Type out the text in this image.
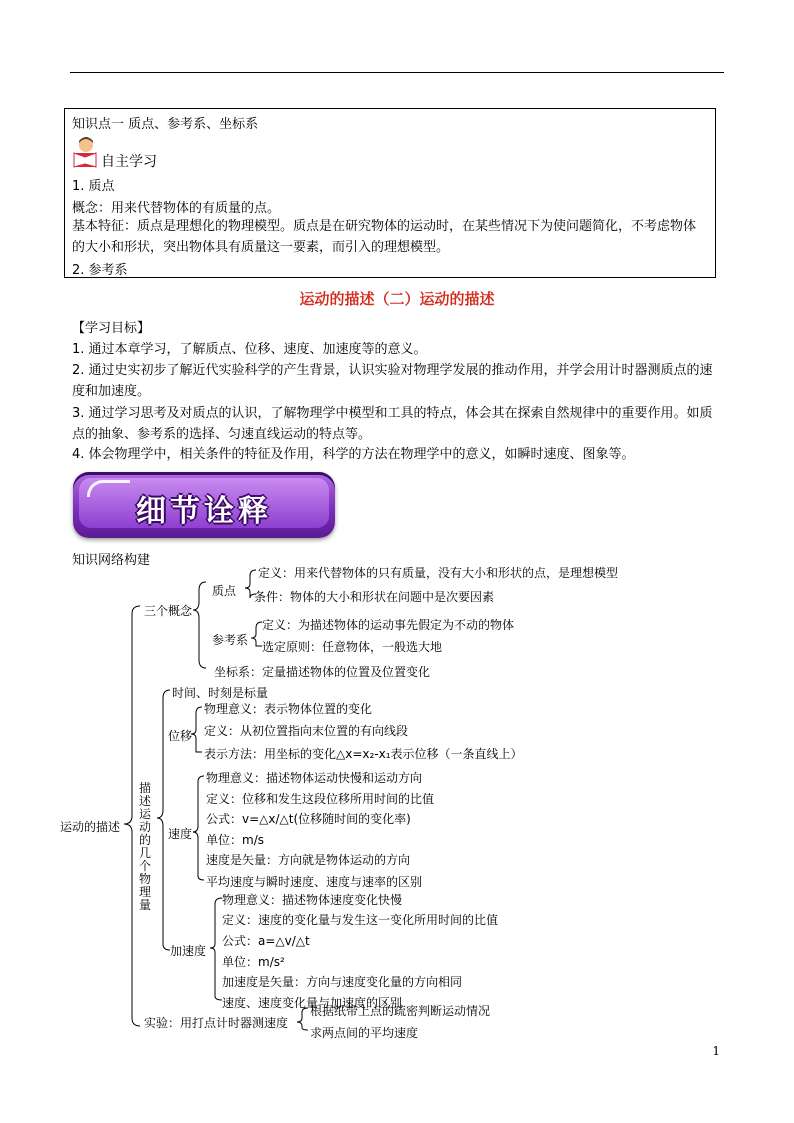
知识点一 质点、参考系、坐标系
自主学习
1. 质点
概念：用来代替物体的有质量的点。
基本特征：质点是理想化的物理模型。质点是在研究物体的运动时，在某些情况下为使问题简化，不考虑物体的大小和形状，突出物体具有质量这一要素，而引入的理想模型。
2. 参考系
运动的描述（二）运动的描述
【学习目标】
1. 通过本章学习，了解质点、位移、速度、加速度等的意义。
2. 通过史实初步了解近代实验科学的产生背景，认识实验对物理学发展的推动作用，并学会用计时器测质点的速度和加速度。
3. 通过学习思考及对质点的认识，了解物理学中模型和工具的特点，体会其在探索自然规律中的重要作用。如质点的抽象、参考系的选择、匀速直线运动的特点等。
4. 体会物理学中，相关条件的特征及作用，科学的方法在物理学中的意义，如瞬时速度、图象等。
细节诠释
知识网络构建
运动的描述
三个概念
质点
定义：用来代替物体的只有质量，没有大小和形状的点，是理想模型
条件：物体的大小和形状在问题中是次要因素
参考系
定义：为描述物体的运动事先假定为不动的物体
选定原则：任意物体，一般选大地
坐标系：定量描述物体的位置及位置变化
描述运动的几个物理量
时间、时刻是标量
位移
物理意义：表示物体位置的变化
定义：从初位置指向末位置的有向线段
表示方法：用坐标的变化△x=x₂-x₁表示位移（一条直线上）
速度
物理意义：描述物体运动快慢和运动方向
定义：位移和发生这段位移所用时间的比值
公式：v=△x/△t(位移随时间的变化率)
单位：m/s
速度是矢量：方向就是物体运动的方向
平均速度与瞬时速度、速度与速率的区别
加速度
物理意义：描述物体速度变化快慢
定义：速度的变化量与发生这一变化所用时间的比值
公式：a=△v/△t
单位：m/s²
加速度是矢量：方向与速度变化量的方向相同
速度、速度变化量与加速度的区别
实验：用打点计时器测速度
根据纸带上点的疏密判断运动情况
求两点间的平均速度
1
